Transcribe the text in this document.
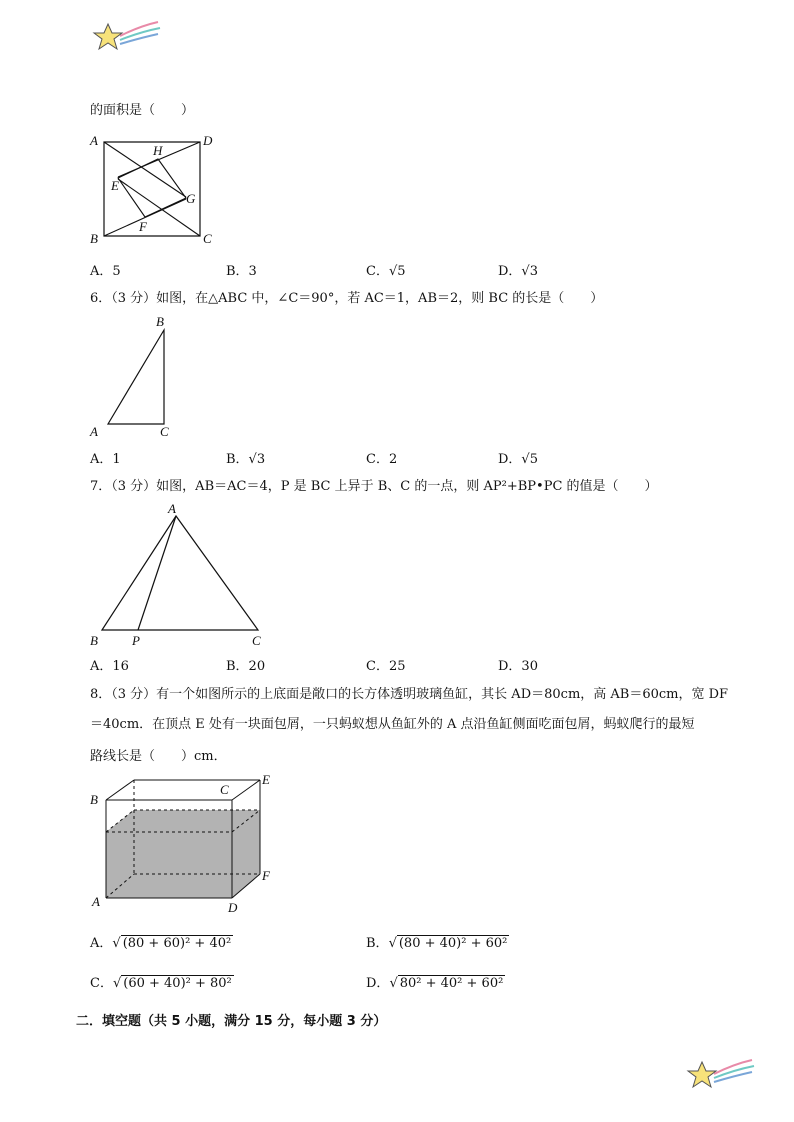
的面积是（　　）
A	D
B	C
H
E
G
F
A．5	B．3	C．√5	D．√3
6．（3 分）如图，在△ABC 中，∠C＝90°，若 AC＝1，AB＝2，则 BC 的长是（　　）
B
A	C
A．1	B．√3	C．2	D．√5
7．（3 分）如图，AB＝AC＝4，P 是 BC 上异于 B、C 的一点，则 AP²+BP•PC 的值是（　　）
A
B	P	C
A．16	B．20	C．25	D．30
8．（3 分）有一个如图所示的上底面是敞口的长方体透明玻璃鱼缸，其长 AD＝80cm，高 AB＝60cm，宽 DF
＝40cm．在顶点 E 处有一块面包屑，一只蚂蚁想从鱼缸外的 A 点沿鱼缸侧面吃面包屑，蚂蚁爬行的最短
路线长是（　　）cm．
B
C
E
F
A	D
A．√ (80 + 60)² + 40²	B．√ (80 + 40)² + 60²
C．√ (60 + 40)² + 80²	D．√ 80² + 40² + 60²
二．填空题（共 5 小题，满分 15 分，每小题 3 分）
